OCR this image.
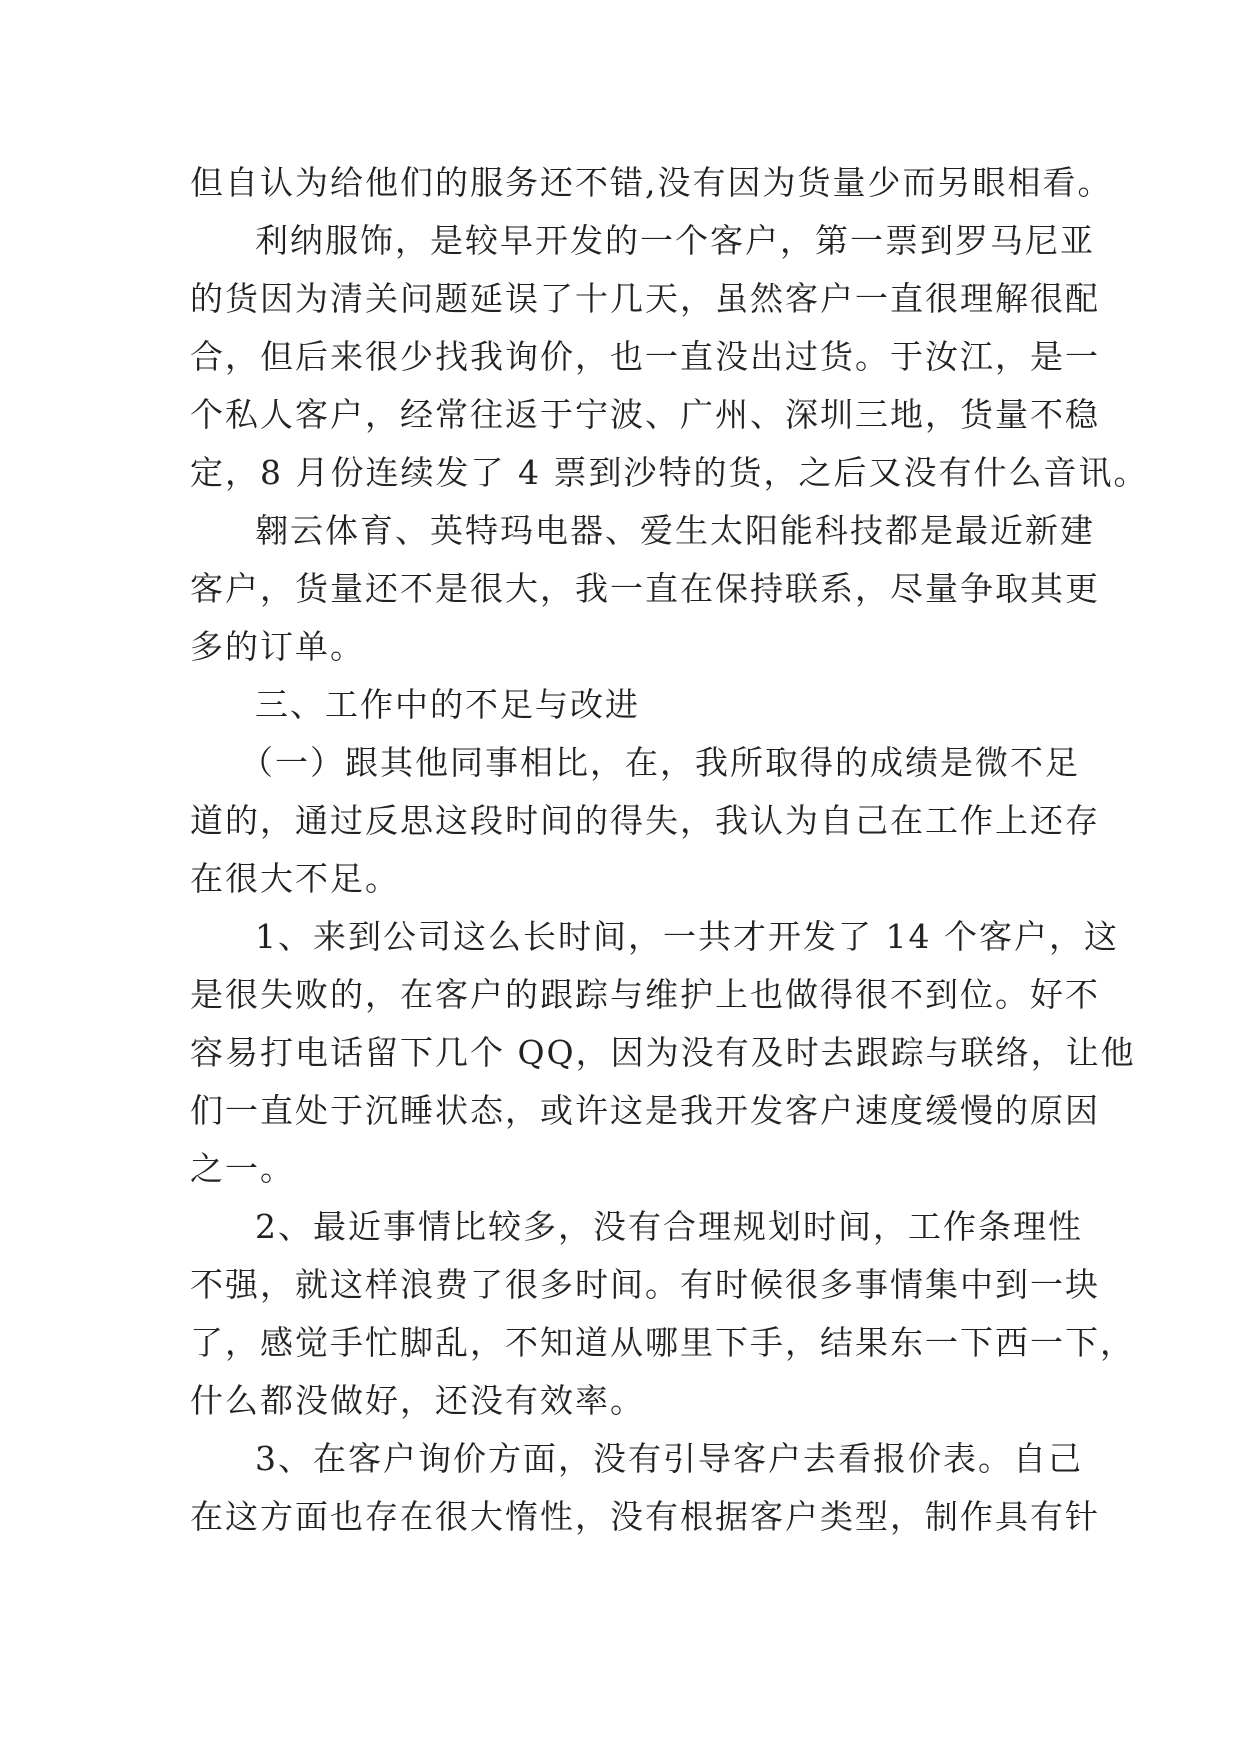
但自认为给他们的服务还不错,没有因为货量少而另眼相看。
利纳服饰，是较早开发的一个客户，第一票到罗马尼亚
的货因为清关问题延误了十几天，虽然客户一直很理解很配
合，但后来很少找我询价，也一直没出过货。于汝江，是一
个私人客户，经常往返于宁波、广州、深圳三地，货量不稳
定，8 月份连续发了 4 票到沙特的货，之后又没有什么音讯。
翱云体育、英特玛电器、爱生太阳能科技都是最近新建
客户，货量还不是很大，我一直在保持联系，尽量争取其更
多的订单。
三、工作中的不足与改进
（一）跟其他同事相比，在，我所取得的成绩是微不足
道的，通过反思这段时间的得失，我认为自己在工作上还存
在很大不足。
1、来到公司这么长时间，一共才开发了 14 个客户，这
是很失败的，在客户的跟踪与维护上也做得很不到位。好不
容易打电话留下几个 QQ，因为没有及时去跟踪与联络，让他
们一直处于沉睡状态，或许这是我开发客户速度缓慢的原因
之一。
2、最近事情比较多，没有合理规划时间，工作条理性
不强，就这样浪费了很多时间。有时候很多事情集中到一块
了，感觉手忙脚乱，不知道从哪里下手，结果东一下西一下，
什么都没做好，还没有效率。
3、在客户询价方面，没有引导客户去看报价表。自己
在这方面也存在很大惰性，没有根据客户类型，制作具有针
